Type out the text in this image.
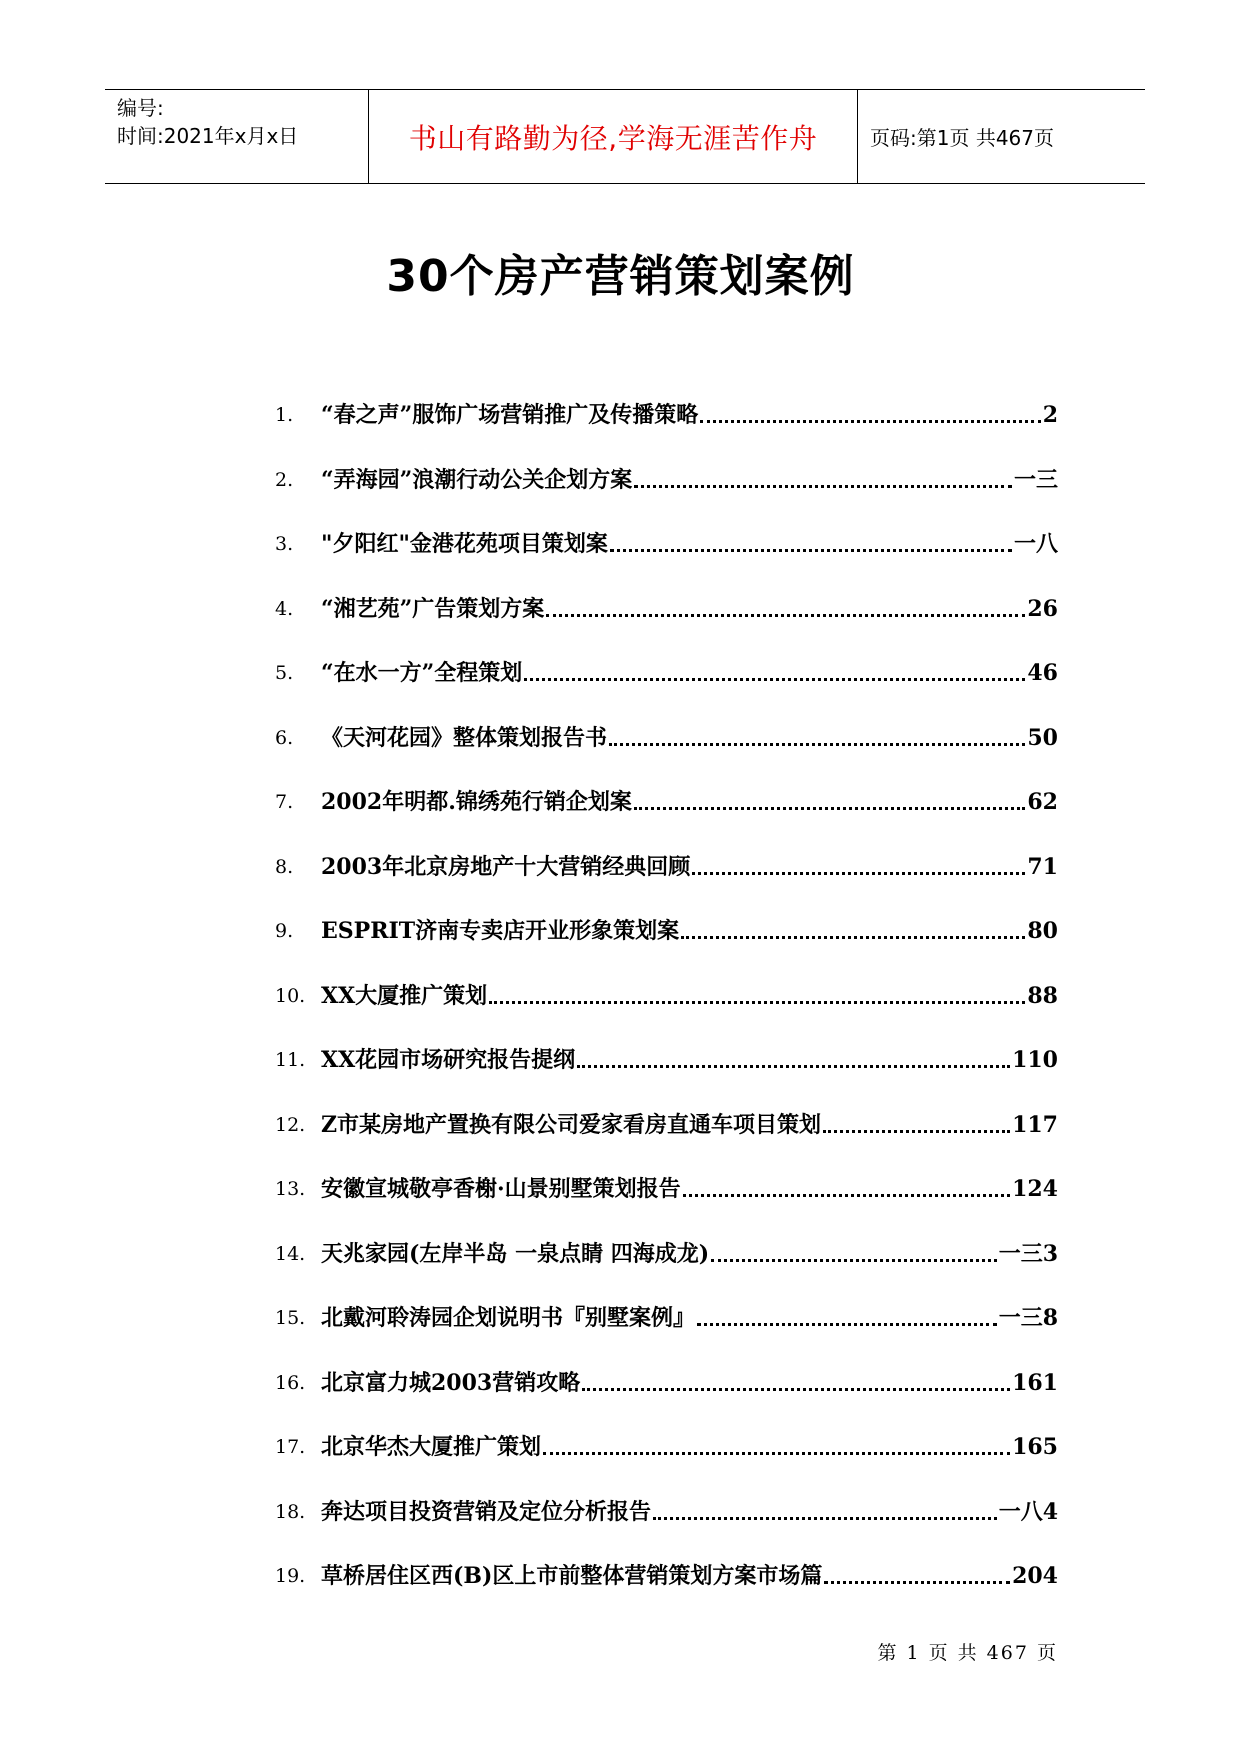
编号:
时间:2021年x月x日	书山有路勤为径,学海无涯苦作舟	页码:第1页 共467页
30个房产营销策划案例
1.	“春之声”服饰广场营销推广及传播策略	2
2.	“弄海园”浪潮行动公关企划方案	一三
3.	"夕阳红"金港花苑项目策划案	一八
4.	“湘艺苑”广告策划方案	26
5.	“在水一方”全程策划	46
6.	《天河花园》整体策划报告书	50
7.	2002年明都.锦绣苑行销企划案	62
8.	2003年北京房地产十大营销经典回顾	71
9.	ESPRIT济南专卖店开业形象策划案	80
10. XX大厦推广策划	88
11. XX花园市场研究报告提纲	110
12. Z市某房地产置换有限公司爱家看房直通车项目策划	117
13. 安徽宣城敬亭香榭·山景别墅策划报告	124
14. 天兆家园(左岸半岛 一泉点睛 四海成龙)	一三3
15. 北戴河聆涛园企划说明书『别墅案例』	一三8
16. 北京富力城2003营销攻略	161
17. 北京华杰大厦推广策划	165
18. 奔达项目投资营销及定位分析报告	一八4
19. 草桥居住区西(B)区上市前整体营销策划方案市场篇	204
第 1 页 共 467 页
